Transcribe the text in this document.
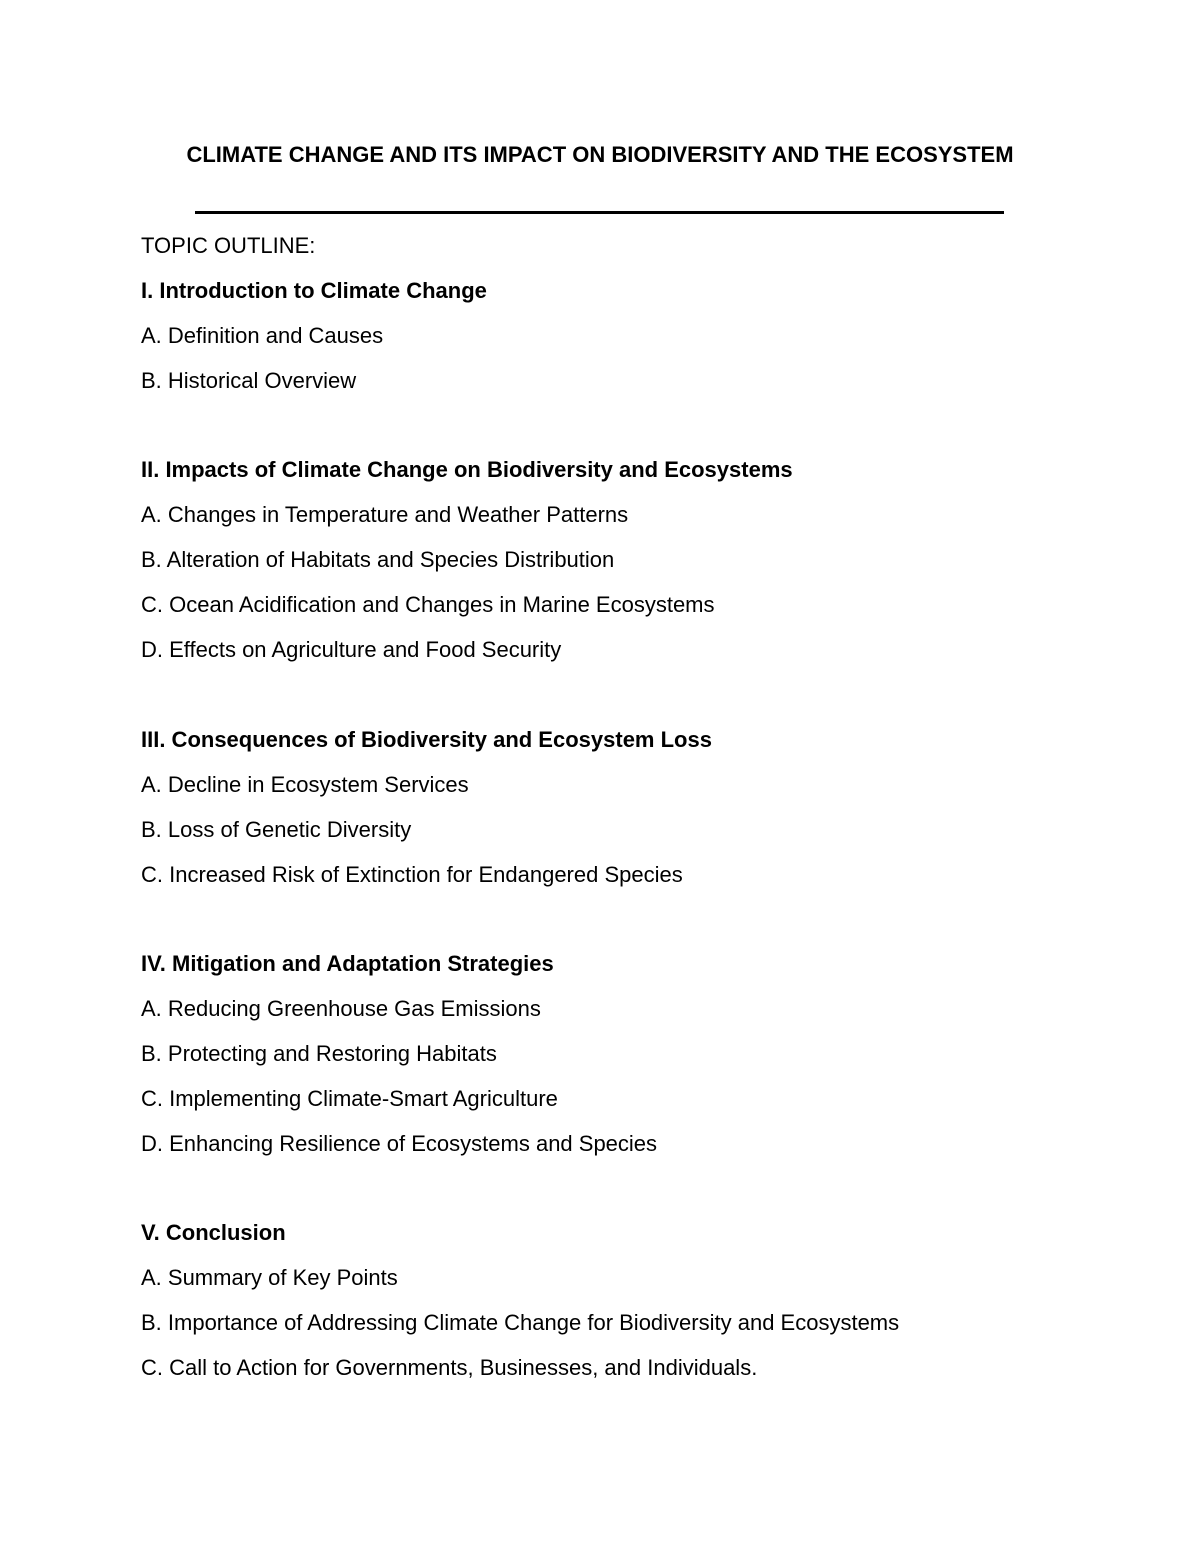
CLIMATE CHANGE AND ITS IMPACT ON BIODIVERSITY AND THE ECOSYSTEM
TOPIC OUTLINE:
I. Introduction to Climate Change
A. Definition and Causes
B. Historical Overview
II. Impacts of Climate Change on Biodiversity and Ecosystems
A. Changes in Temperature and Weather Patterns
B. Alteration of Habitats and Species Distribution
C. Ocean Acidification and Changes in Marine Ecosystems
D. Effects on Agriculture and Food Security
III. Consequences of Biodiversity and Ecosystem Loss
A. Decline in Ecosystem Services
B. Loss of Genetic Diversity
C. Increased Risk of Extinction for Endangered Species
IV. Mitigation and Adaptation Strategies
A. Reducing Greenhouse Gas Emissions
B. Protecting and Restoring Habitats
C. Implementing Climate-Smart Agriculture
D. Enhancing Resilience of Ecosystems and Species
V. Conclusion
A. Summary of Key Points
B. Importance of Addressing Climate Change for Biodiversity and Ecosystems
C. Call to Action for Governments, Businesses, and Individuals.
